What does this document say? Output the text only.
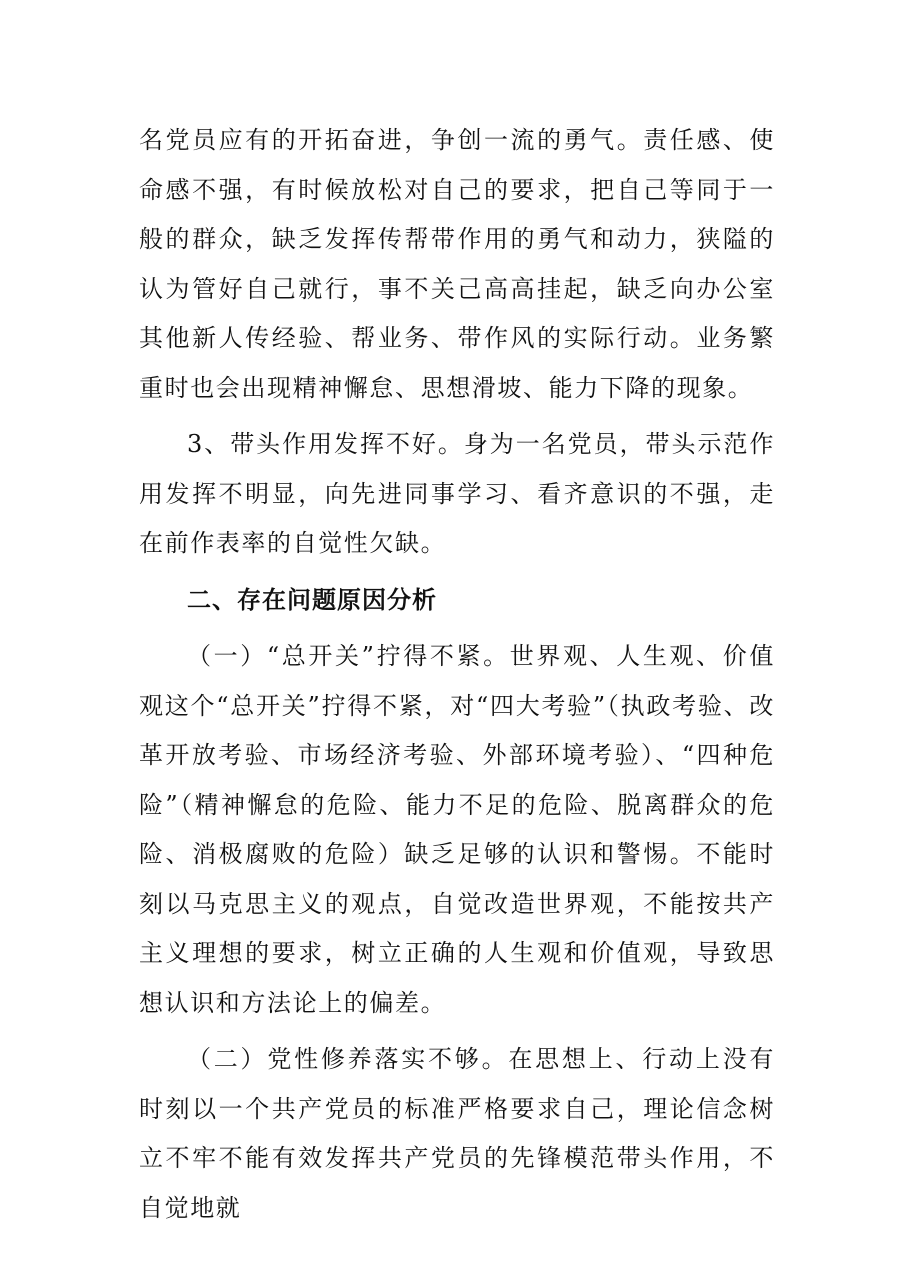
名党员应有的开拓奋进，争创一流的勇气。责任感、使命感不强，有时候放松对自己的要求，把自己等同于一般的群众，缺乏发挥传帮带作用的勇气和动力，狭隘的认为管好自己就行，事不关己高高挂起，缺乏向办公室其他新人传经验、帮业务、带作风的实际行动。业务繁重时也会出现精神懈怠、思想滑坡、能力下降的现象。

3、带头作用发挥不好。身为一名党员，带头示范作用发挥不明显，向先进同事学习、看齐意识的不强，走在前作表率的自觉性欠缺。

二、存在问题原因分析

（一）“总开关”拧得不紧。世界观、人生观、价值观这个“总开关”拧得不紧，对“四大考验”（执政考验、改革开放考验、市场经济考验、外部环境考验）、“四种危险”（精神懈怠的危险、能力不足的危险、脱离群众的危险、消极腐败的危险）缺乏足够的认识和警惕。不能时刻以马克思主义的观点，自觉改造世界观，不能按共产主义理想的要求，树立正确的人生观和价值观，导致思想认识和方法论上的偏差。

（二）党性修养落实不够。在思想上、行动上没有时刻以一个共产党员的标准严格要求自己，理论信念树立不牢不能有效发挥共产党员的先锋模范带头作用，不自觉地就
